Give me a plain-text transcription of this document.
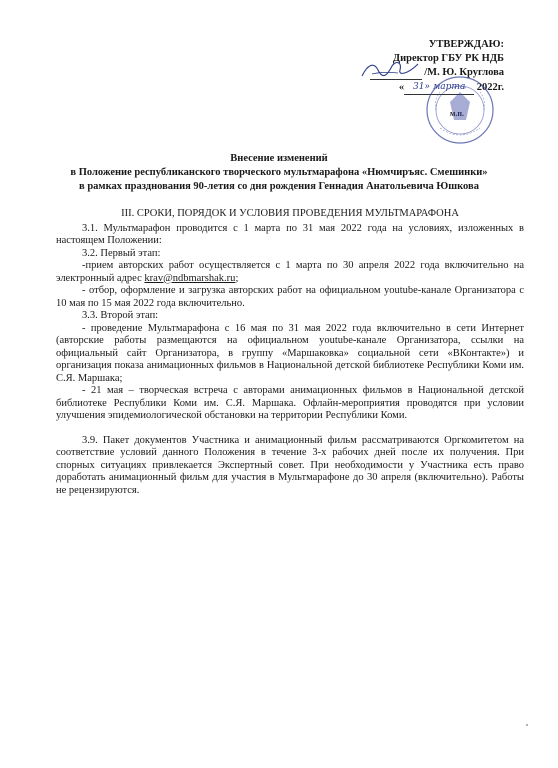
УТВЕРЖДАЮ:
Директор ГБУ РК НДБ
/М. Ю. Круглова
« 31» марта 2022г.
м.п.
Внесение изменений
в Положение республиканского творческого мультмарафона «Нюмчиръяс. Смешинки»
в рамках празднования 90-летия со дня рождения Геннадия Анатольевича Юшкова
III. СРОКИ, ПОРЯДОК И УСЛОВИЯ ПРОВЕДЕНИЯ МУЛЬТМАРАФОНА

3.1. Мультмарафон проводится с 1 марта по 31 мая 2022 года на условиях, изложенных в настоящем Положении:

3.2. Первый этап:

-прием авторских работ осуществляется с 1 марта по 30 апреля 2022 года включительно на электронный адрес krav@ndbmarshak.ru;

- отбор, оформление и загрузка авторских работ на официальном youtube-канале Организатора с 10 мая по 15 мая 2022 года включительно.

3.3. Второй этап:

- проведение Мультмарафона с 16 мая по 31 мая 2022 года включительно в сети Интернет (авторские работы размещаются на официальном youtube-канале Организатора, ссылки на официальный сайт Организатора, в группу «Маршаковка» социальной сети «ВКонтакте») и организация показа анимационных фильмов в Национальной детской библиотеке Республики Коми им. С.Я. Маршака;

- 21 мая – творческая встреча с авторами анимационных фильмов в Национальной детской библиотеке Республики Коми им. С.Я. Маршака. Офлайн-мероприятия проводятся при условии улучшения эпидемиологической обстановки на территории Республики Коми.

3.9. Пакет документов Участника и анимационный фильм рассматриваются Оргкомитетом на соответствие условий данного Положения в течение 3-х рабочих дней после их получения. При спорных ситуациях привлекается Экспертный совет. При необходимости у Участника есть право доработать анимационный фильм для участия в Мультмарафоне до 30 апреля (включительно). Работы не рецензируются.
